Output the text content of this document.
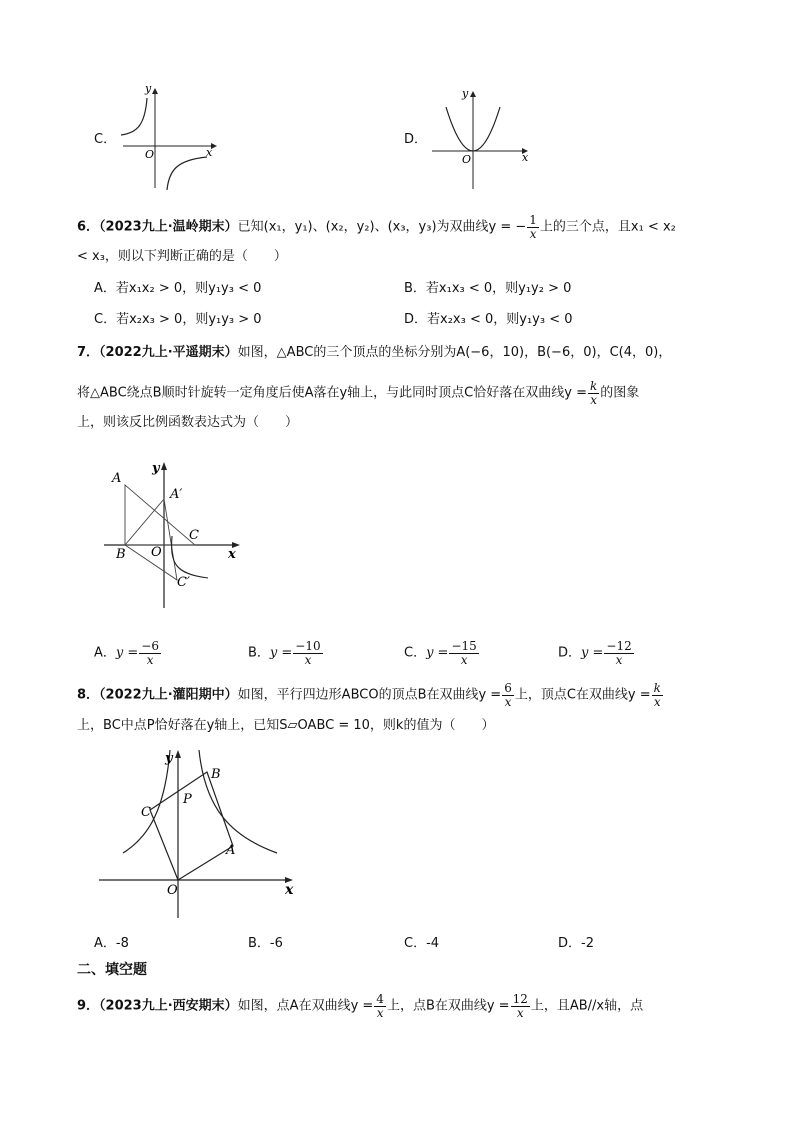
C．
x
y
O
D．
x
y
O
6．（2023九上·温岭期末）已知(x₁，y₁)、(x₂，y₂)、(x₃，y₃)为双曲线y = − $\frac{1}{x}$ 上的三个点，且x₁ < x₂
< x₃，则以下判断正确的是（　　）
A．若x₁x₂ > 0，则y₁y₃ < 0	B．若x₁x₃ < 0，则y₁y₂ > 0
C．若x₂x₃ > 0，则y₁y₃ > 0	D．若x₂x₃ < 0，则y₁y₃ < 0
7．（2022九上·平遥期末）如图，△ABC的三个顶点的坐标分别为A(−6，10)，B(−6，0)，C(4，0)，
将△ABC绕点B顺时针旋转一定角度后使A落在y轴上，与此同时顶点C恰好落在双曲线$y = \frac{k}{x}$ 的图象
上，则该反比例函数表达式为（　　）
A
A′
B
C
O
C′
x
y
A．$y = \frac{-6}{x}$	B．$y = \frac{-10}{x}$	C．$y = \frac{-15}{x}$	D．$y = \frac{-12}{x}$
8．（2022九上·灌阳期中）如图，平行四边形ABCO的顶点B在双曲线$y = \frac{6}{x}$ 上，顶点C在双曲线$y = \frac{k}{x}$
上，BC中点P恰好落在y轴上，已知S▱OABC = 10，则k的值为（　　）
A
B
C
P
O	x
y
A．-8	B．-6	C．-4	D．-2
二、填空题
9．（2023九上·西安期末）如图，点A在双曲线$y = \frac{4}{x}$ 上，点B在双曲线$y = \frac{12}{x}$ 上，且AB//x轴，点
